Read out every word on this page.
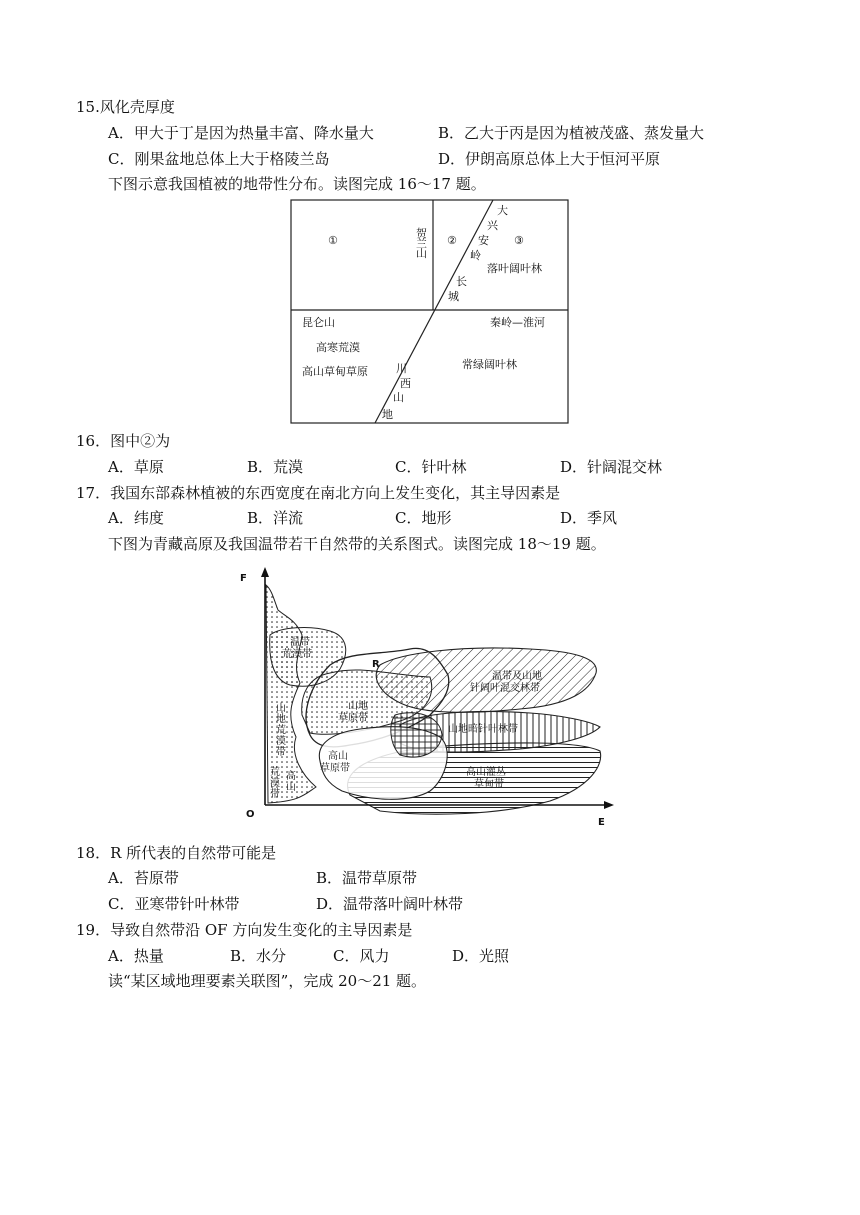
15.风化壳厚度
A．甲大于丁是因为热量丰富、降水量大	B．乙大于丙是因为植被茂盛、蒸发量大
C．刚果盆地总体上大于格陵兰岛	D．伊朗高原总体上大于恒河平原
下图示意我国植被的地带性分布。读图完成 16～17 题。
①	②	③
贺
兰
山
大
兴
安
岭
落叶阔叶林
长
城
昆仑山	秦岭—淮河
高寒荒漠
常绿阔叶林
高山草甸草原	川
西
山
地
16．图中②为
A．草原	B．荒漠	C．针叶林	D．针阔混交林
17．我国东部森林植被的东西宽度在南北方向上发生变化，其主导因素是
A．纬度	B．洋流	C．地形	D．季风
下图为青藏高原及我国温带若干自然带的关系图式。读图完成 18～19 题。
F
O
E
R
温带
荒漠带
温带及山地
针阔叶混交林带
山地
草原带
山
地
荒
漠
带
山地暗针叶林带
高山
草原带	高山灌丛
草甸带
荒
漠
带
高
山
18．R 所代表的自然带可能是
A．苔原带	B．温带草原带
C．亚寒带针叶林带	D．温带落叶阔叶林带
19．导致自然带沿 OF 方向发生变化的主导因素是
A．热量	B．水分	C．风力	D．光照
读“某区域地理要素关联图”，完成 20～21 题。
